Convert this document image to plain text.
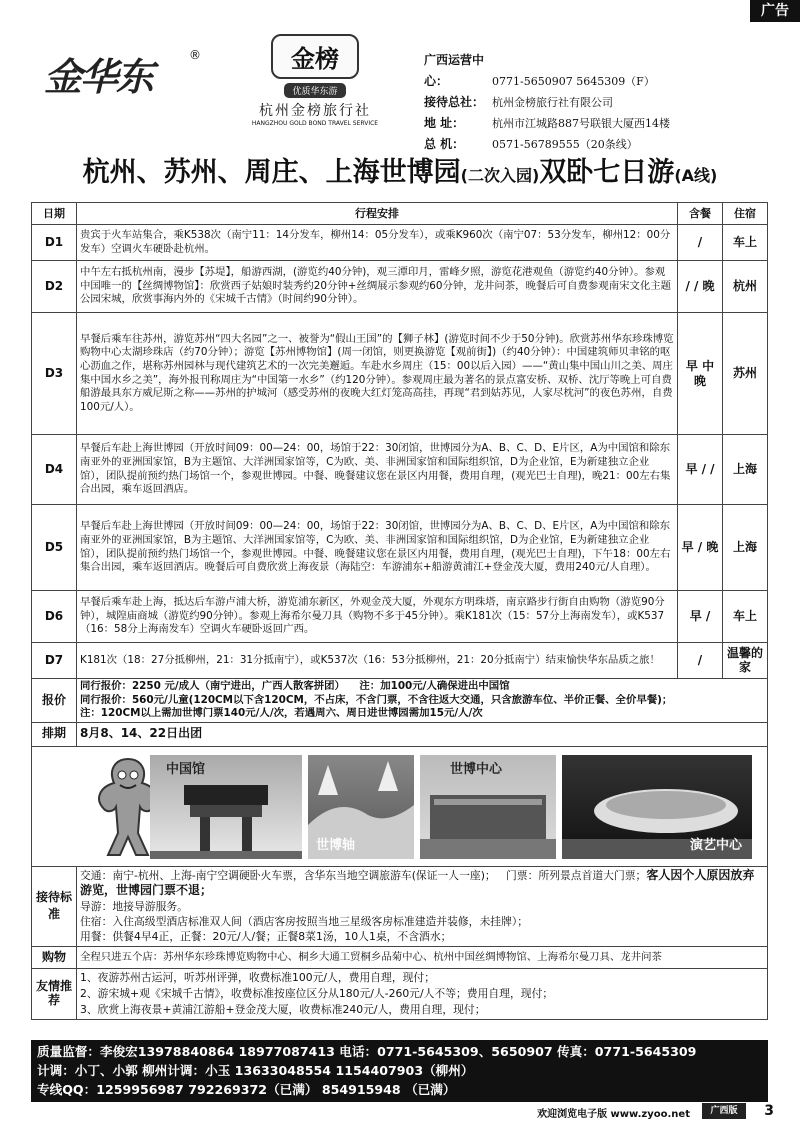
广告
金华东	®	金榜
优质华东游
杭州金榜旅行社
HANGZHOU GOLD BOND TRAVEL SERVICE
广西运营中心：	0771-5650907 5645309（F）
接待总社： 杭州金榜旅行社有限公司
地 址：	杭州市江城路887号联银大厦西14楼
总 机：	0571-56789555（20条线）
杭州、苏州、周庄、上海世博园(二次入园)双卧七日游(A线)
日期	行程安排	含餐	住宿
D1	贵宾于火车站集合，乘K538次（南宁11：14分发车，柳州14：05分发车），或乘K960次（南宁07：53分发车，柳州12：00分发车）空调火车硬卧赴杭州。	/	车上
D2	中午左右抵杭州南，漫步【苏堤】，船游西湖，(游览约40分钟)，观三潭印月，雷峰夕照，游览花港观鱼（游览约40分钟）。参观中国唯一的【丝绸博物馆】：欣赏西子姑娘时装秀约20分钟+丝绸展示参观约60分钟，龙井问茶，晚餐后可自费参观南宋文化主题公园宋城，欣赏事海内外的《宋城千古情》（时间约90分钟）。	/ / 晚	杭州
D3	早餐后乘车往苏州，游览苏州“四大名园”之一、被誉为“假山王国”的【狮子林】(游览时间不少于50分钟)。欣赏苏州华东珍珠博览购物中心太湖珍珠店（约70分钟）；游览【苏州博物馆】(周一闭馆，则更换游览【观前街】)（约40分钟）：中国建筑师贝聿铭的呕心沥血之作，堪称苏州园林与现代建筑艺术的一次完美邂逅。车赴水乡周庄（15：00以后入园）——“黄山集中国山川之美、周庄集中国水乡之美”，海外报刊称周庄为“中国第一水乡”（约120分钟）。参观周庄最为著名的景点富安桥、双桥、沈厅等晚上可自费船游最具东方威尼斯之称——苏州的护城河（感受苏州的夜晚大红灯笼高高挂，再现“君到姑苏见，人家尽枕河”的夜色苏州，自费100元/人）。	早 中 晚	苏州
D4	早餐后车赴上海世博园（开放时间09：00—24：00，场馆于22：30闭馆，世博园分为A、B、C、D、E片区，A为中国馆和除东南亚外的亚洲国家馆，B为主题馆、大洋洲国家馆等，C为欧、美、非洲国家馆和国际组织馆，D为企业馆，E为新建独立企业馆），团队提前预约热门场馆一个，参观世博园。中餐、晚餐建议您在景区内用餐，费用自理，(观光巴士自理)，晚21：00左右集合出园，乘车返回酒店。	早 / /	上海
D5	早餐后车赴上海世博园（开放时间09：00—24：00，场馆于22：30闭馆，世博园分为A、B、C、D、E片区，A为中国馆和除东南亚外的亚洲国家馆，B为主题馆、大洋洲国家馆等，C为欧、美、非洲国家馆和国际组织馆，D为企业馆，E为新建独立企业馆），团队提前预约热门场馆一个，参观世博园。中餐、晚餐建议您在景区内用餐，费用自理，(观光巴士自理)，下午18：00左右集合出园，乘车返回酒店。晚餐后可自费欣赏上海夜景（海陆空：车游浦东+船游黄浦江+登金茂大厦，费用240元/人自理）。	早 / 晚	上海
D6	早餐后乘车赴上海，抵达后车游卢浦大桥，游览浦东新区，外观金茂大厦，外观东方明珠塔，南京路步行街自由购物（游览90分钟），城隍庙商城（游览约90分钟）。参观上海希尔曼刀具（购物不多于45分钟）。乘K181次（15：57分上海南发车），或K537（16：58分上海南发车）空调火车硬卧返回广西。	早 /	车上
D7	K181次（18：27分抵柳州，21：31分抵南宁），或K537次（16：53分抵柳州，21：20分抵南宁）结束愉快华东品质之旅！	/	温馨的家
报价	同行报价：2250 元/成人（南宁进出，广西人散客拼团） 注：加100元/人确保进出中国馆
同行报价：560元/儿童(120CM以下含120CM，不占床，不含门票，不含往返大交通，只含旅游车位、半价正餐、全价早餐)；
注：120CM以上需加世博门票140元/人/次，若遇周六、周日进世博园需加15元/人/次		

排期	8月8、14、22日出团		

中国馆
世博轴
世博中心
演艺中心			

接待标准	交通：南宁-杭州、上海-南宁空调硬卧火车票，含华东当地空调旅游车(保证一人一座)； 门票：所列景点首道大门票；客人因个人原因放弃游览，世博园门票不退；
导游：地接导游服务。
住宿：入住高级型酒店标准双人间（酒店客房按照当地三星级客房标准建造并装修，未挂牌）；
用餐：供餐4早4正，正餐：20元/人/餐；正餐8菜1汤，10人1桌，不含酒水；		

购物	全程只进五个店：苏州华东珍珠博览购物中心、桐乡大通工贸桐乡品菊中心、杭州中国丝绸博物馆、上海希尔曼刀具、龙井问茶		
友情推荐	1、夜游苏州古运河，听苏州评弹，收费标准100元/人，费用自理，现付；
2、游宋城+观《宋城千古情》，收费标准按座位区分从180元/人-260元/人不等；费用自理，现付；
3、欣赏上海夜景+黄浦江游船+登金茂大厦，收费标准240元/人，费用自理，现付；		
质量监督：李俊宏13978840864 18977087413 电话：0771-5645309、5650907 传真：0771-5645309
计调：小丁、小郭 柳州计调：小玉 13633048554 1154407903（柳州）
专线QQ：1259956987 792269372（已满） 854915948 （已满）
欢迎浏览电子版 www.zyoo.net	广西版	3
